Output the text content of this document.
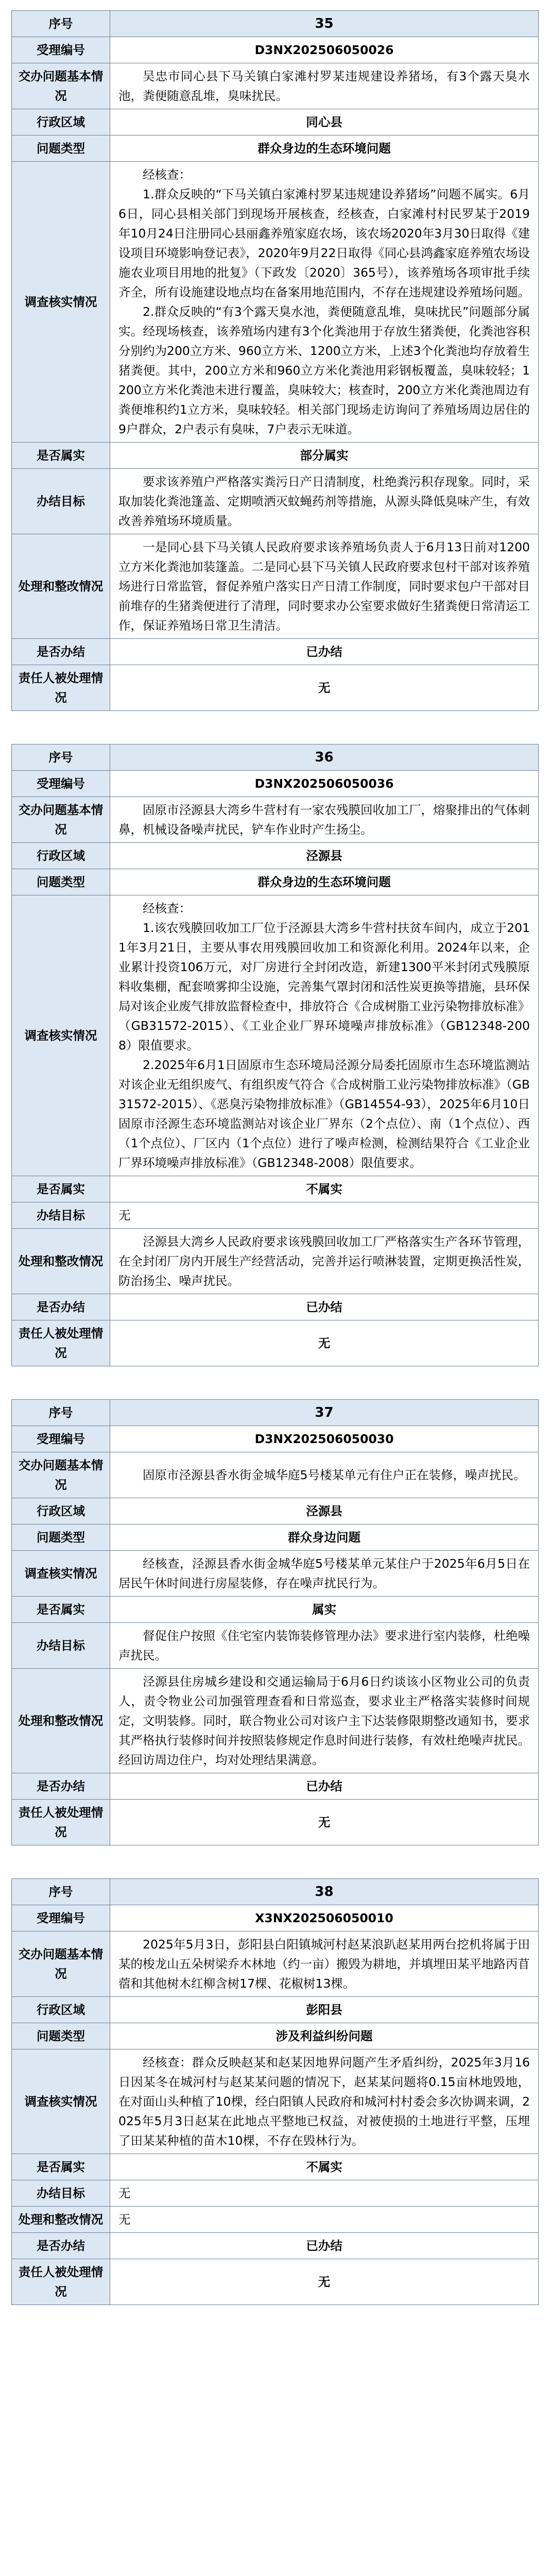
序号	35
受理编号	D3NX202506050026
交办问题基本情况	吴忠市同心县下马关镇白家滩村罗某违规建设养猪场，有3个露天臭水池，粪便随意乱堆，臭味扰民。

行政区域	同心县
问题类型	群众身边的生态环境问题
调查核实情况	经核查：

1.群众反映的“下马关镇白家滩村罗某违规建设养猪场”问题不属实。6月6日，同心县相关部门到现场开展核查，经核查，白家滩村村民罗某于2019年10月24日注册同心县丽鑫养殖家庭农场，该农场2020年3月30日取得《建设项目环境影响登记表》，2020年9月22日取得《同心县鸿鑫家庭养殖农场设施农业项目用地的批复》（下政发〔2020〕365号），该养殖场各项审批手续齐全，所有设施建设地点均在备案用地范围内，不存在违规建设养殖场问题。

2.群众反映的“有3个露天臭水池，粪便随意乱堆，臭味扰民”问题部分属实。经现场核查，该养殖场内建有3个化粪池用于存放生猪粪便，化粪池容积分别约为200立方米、960立方米、1200立方米，上述3个化粪池均存放着生猪粪便。其中，200立方米和960立方米化粪池用彩钢板覆盖，臭味较轻；1200立方米化粪池未进行覆盖，臭味较大；核查时，200立方米化粪池周边有粪便堆积约1立方米，臭味较轻。相关部门现场走访询问了养殖场周边居住的9户群众，2户表示有臭味，7户表示无味道。

是否属实	部分属实
办结目标	要求该养殖户严格落实粪污日产日清制度，杜绝粪污积存现象。同时，采取加装化粪池篷盖、定期喷洒灭蚊蝇药剂等措施，从源头降低臭味产生，有效改善养殖场环境质量。

处理和整改情况	一是同心县下马关镇人民政府要求该养殖场负责人于6月13日前对1200立方米化粪池加装篷盖。二是同心县下马关镇人民政府要求包村干部对该养殖场进行日常监管，督促养殖户落实日产日清工作制度，同时要求包户干部对目前堆存的生猪粪便进行了清理，同时要求办公室要求做好生猪粪便日常清运工作，保证养殖场日常卫生清洁。

是否办结	已办结
责任人被处理情况	无
序号	36
受理编号	D3NX202506050036
交办问题基本情况	固原市泾源县大湾乡牛营村有一家农残膜回收加工厂，熔聚排出的气体刺鼻，机械设备噪声扰民，铲车作业时产生扬尘。

行政区域	泾源县
问题类型	群众身边的生态环境问题
调查核实情况	经核查：

1.该农残膜回收加工厂位于泾源县大湾乡牛营村扶贫车间内，成立于2011年3月21日，主要从事农用残膜回收加工和资源化利用。2024年以来，企业累计投资106万元，对厂房进行全封闭改造，新建1300平米封闭式残膜原料收集棚，配套喷雾抑尘设施，完善集气罩封闭和活性炭更换等措施，县环保局对该企业废气排放监督检查中，排放符合《合成树脂工业污染物排放标准》（GB31572-2015）、《工业企业厂界环境噪声排放标准》（GB12348-2008）限值要求。

2.2025年6月1日固原市生态环境局泾源分局委托固原市生态环境监测站对该企业无组织废气、有组织废气符合《合成树脂工业污染物排放标准》（GB31572-2015）、《恶臭污染物排放标准》（GB14554-93），2025年6月10日固原市泾源生态环境监测站对该企业厂界东（2个点位）、南（1个点位）、西（1个点位）、厂区内（1个点位）进行了噪声检测，检测结果符合《工业企业厂界环境噪声排放标准》（GB12348-2008）限值要求。

是否属实	不属实
办结目标	无

处理和整改情况	泾源县大湾乡人民政府要求该残膜回收加工厂严格落实生产各环节管理，在全封闭厂房内开展生产经营活动，完善并运行喷淋装置，定期更换活性炭，防治扬尘、噪声扰民。

是否办结	已办结
责任人被处理情况	无
序号	37
受理编号	D3NX202506050030
交办问题基本情况	固原市泾源县香水街金城华庭5号楼某单元有住户正在装修，噪声扰民。

行政区域	泾源县
问题类型	群众身边问题
调查核实情况	经核查，泾源县香水街金城华庭5号楼某单元某住户于2025年6月5日在居民午休时间进行房屋装修，存在噪声扰民行为。

是否属实	属实
办结目标	督促住户按照《住宅室内装饰装修管理办法》要求进行室内装修，杜绝噪声扰民。

处理和整改情况	泾源县住房城乡建设和交通运输局于6月6日约谈该小区物业公司的负责人，责令物业公司加强管理查看和日常巡查，要求业主严格落实装修时间规定，文明装修。同时，联合物业公司对该户主下达装修限期整改通知书，要求其严格执行装修时间并按照装修规定作息时间进行装修，有效杜绝噪声扰民。经回访周边住户，均对处理结果满意。

是否办结	已办结
责任人被处理情况	无
序号	38
受理编号	X3NX202506050010
交办问题基本情况	2025年5月3日，彭阳县白阳镇城河村赵某浪趴赵某用两台挖机将属于田某的梭龙山五朵树梁乔木林地（约一亩）搬毁为耕地，并填埋田某平地路丙苜蓿和其他树木红柳含树17棵、花椒树13棵。

行政区域	彭阳县
问题类型	涉及利益纠纷问题
调查核实情况	经核查：群众反映赵某和赵某因地界问题产生矛盾纠纷，2025年3月16日因某冬在城河村与赵某某问题的情况下，赵某某问题将0.15亩林地毁地，在对面山头种植了10棵，经白阳镇人民政府和城河村村委会多次协调来调，2025年5月3日赵某在此地点平整地已权益，对被使损的土地进行平整，压埋了田某某种植的苗木10棵，不存在毁林行为。

是否属实	不属实
办结目标	无
处理和整改情况	无
是否办结	已办结
责任人被处理情况	无
